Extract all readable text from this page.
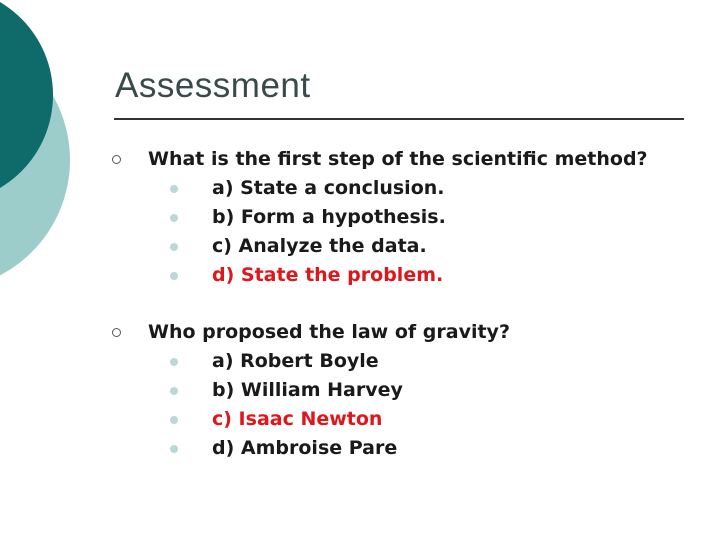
Assessment
What is the first step of the scientific method?
a) State a conclusion.
b) Form a hypothesis.
c) Analyze the data.
d) State the problem.
Who proposed the law of gravity?
a) Robert Boyle
b) William Harvey
c) Isaac Newton
d) Ambroise Pare
